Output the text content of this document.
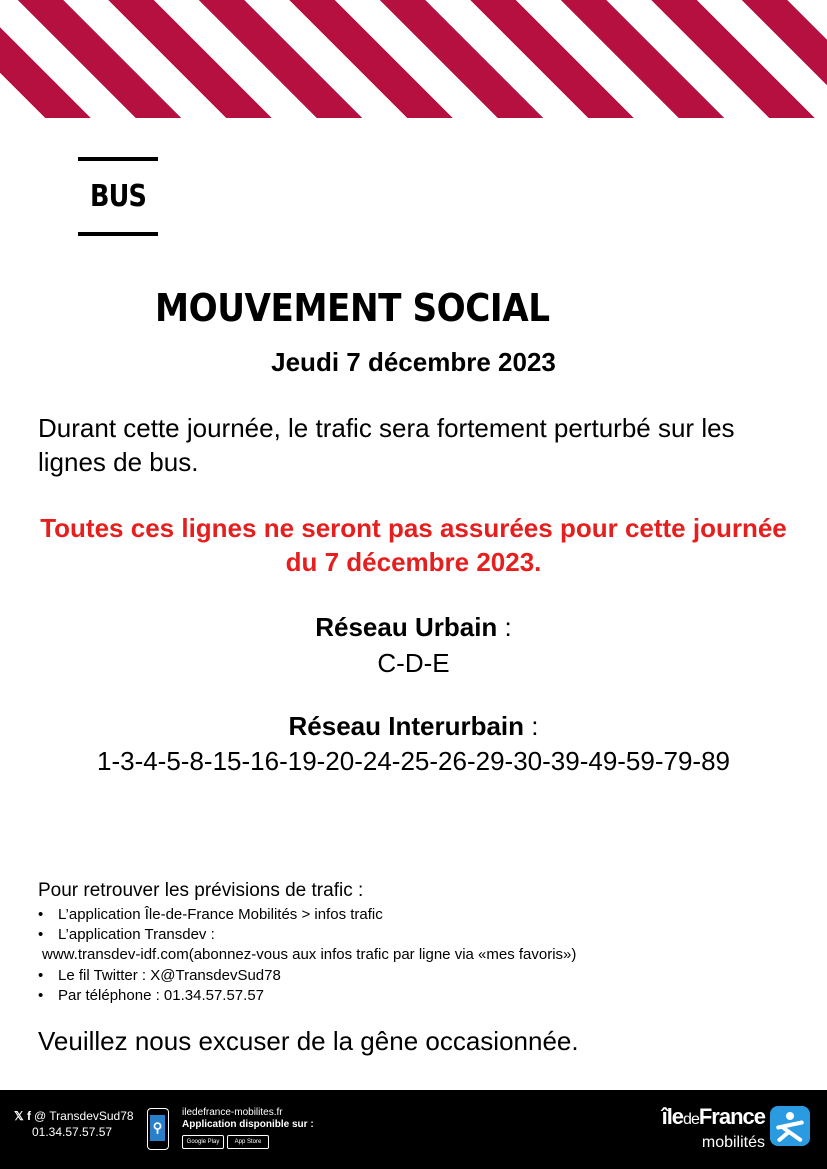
BUS
MOUVEMENT SOCIAL
Jeudi 7 décembre 2023
Durant cette journée, le trafic sera fortement perturbé sur les lignes de bus.
Toutes ces lignes ne seront pas assurées pour cette journée du 7 décembre 2023.
Réseau Urbain :
C-D-E
Réseau Interurbain :
1-3-4-5-8-15-16-19-20-24-25-26-29-30-39-49-59-79-89
Pour retrouver les prévisions de trafic :
• L’application Île-de-France Mobilités > infos trafic
• L’application Transdev :
www.transdev-idf.com(abonnez-vous aux infos trafic par ligne via «mes favoris»)
• Le fil Twitter : X@TransdevSud78
• Par téléphone : 01.34.57.57.57
Veuillez nous excuser de la gêne occasionnée.
𝕏 f @ TransdevSud78
01.34.57.57.57	⚲
iledefrance-mobilites.fr
Application disponible sur :
Google Play	App Store
îledeFrance
mobilités
